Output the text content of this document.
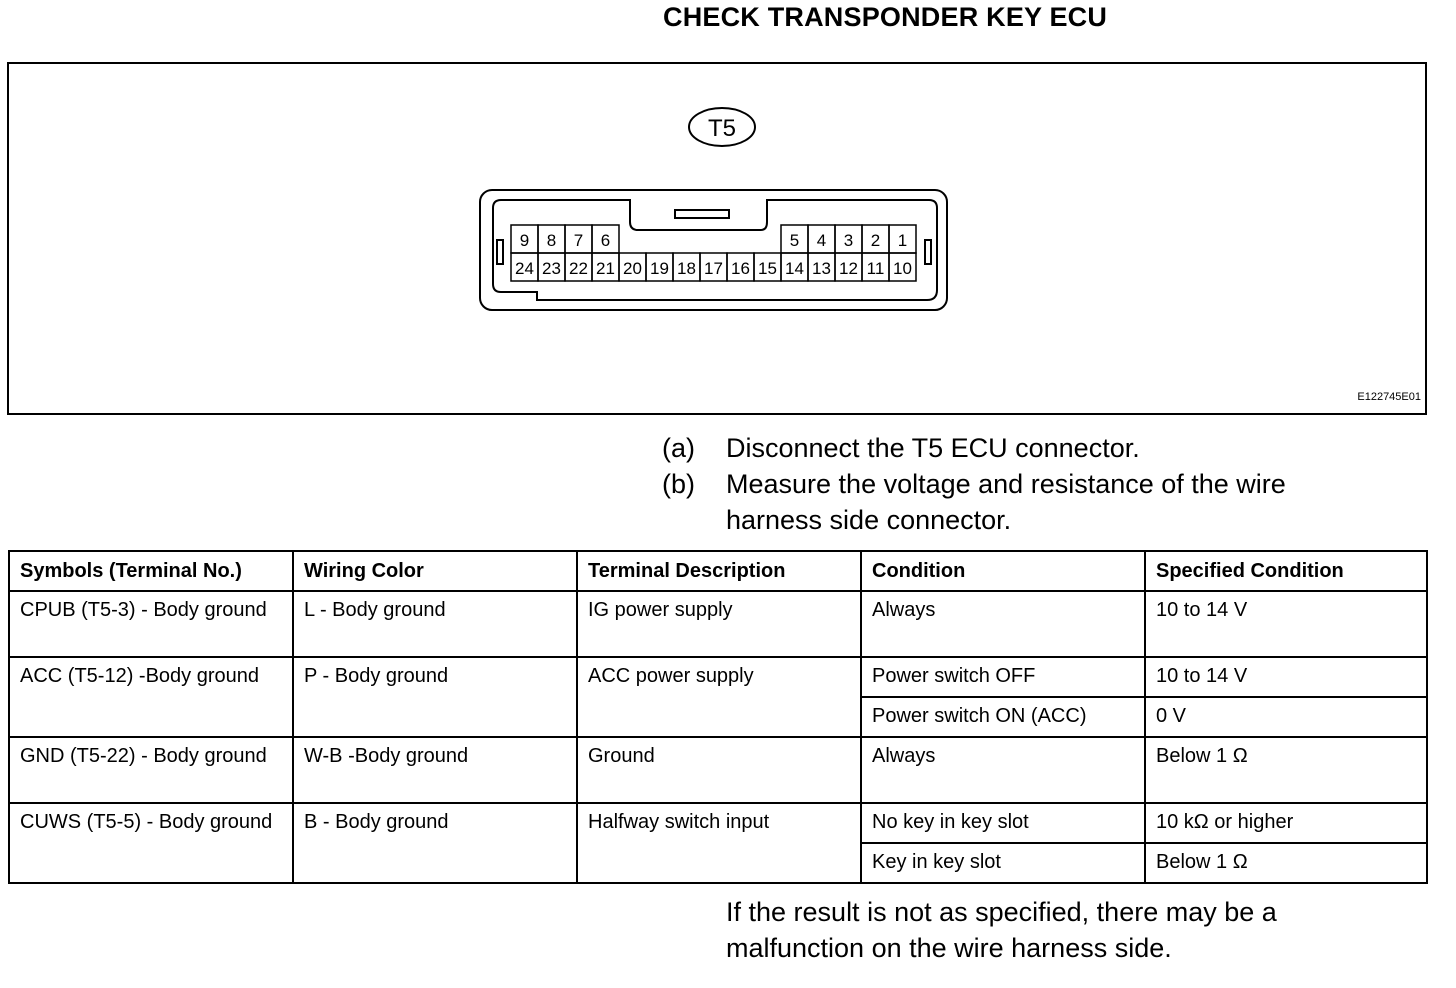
CHECK TRANSPONDER KEY ECU
T5
9 8 7 6	5 4 3 2 1
24 23 22 21 20 19 18 17 16 15 14 13 12 11 10
E122745E01
(a)	Disconnect the T5 ECU connector.
(b)	Measure the voltage and resistance of the wire harness side connector.
Symbols (Terminal No.)	Wiring Color	Terminal Description	Condition	Specified Condition
CPUB (T5-3) - Body ground	L - Body ground	IG power supply	Always	10 to 14 V
ACC (T5-12) -Body ground	P - Body ground	ACC power supply	Power switch OFF	10 to 14 V
			Power switch ON (ACC)	0 V
GND (T5-22) - Body ground	W-B -Body ground	Ground	Always	Below 1 Ω
CUWS (T5-5) - Body ground	B - Body ground	Halfway switch input	No key in key slot	10 kΩ or higher
			Key in key slot	Below 1 Ω
If the result is not as specified, there may be a malfunction on the wire harness side.
